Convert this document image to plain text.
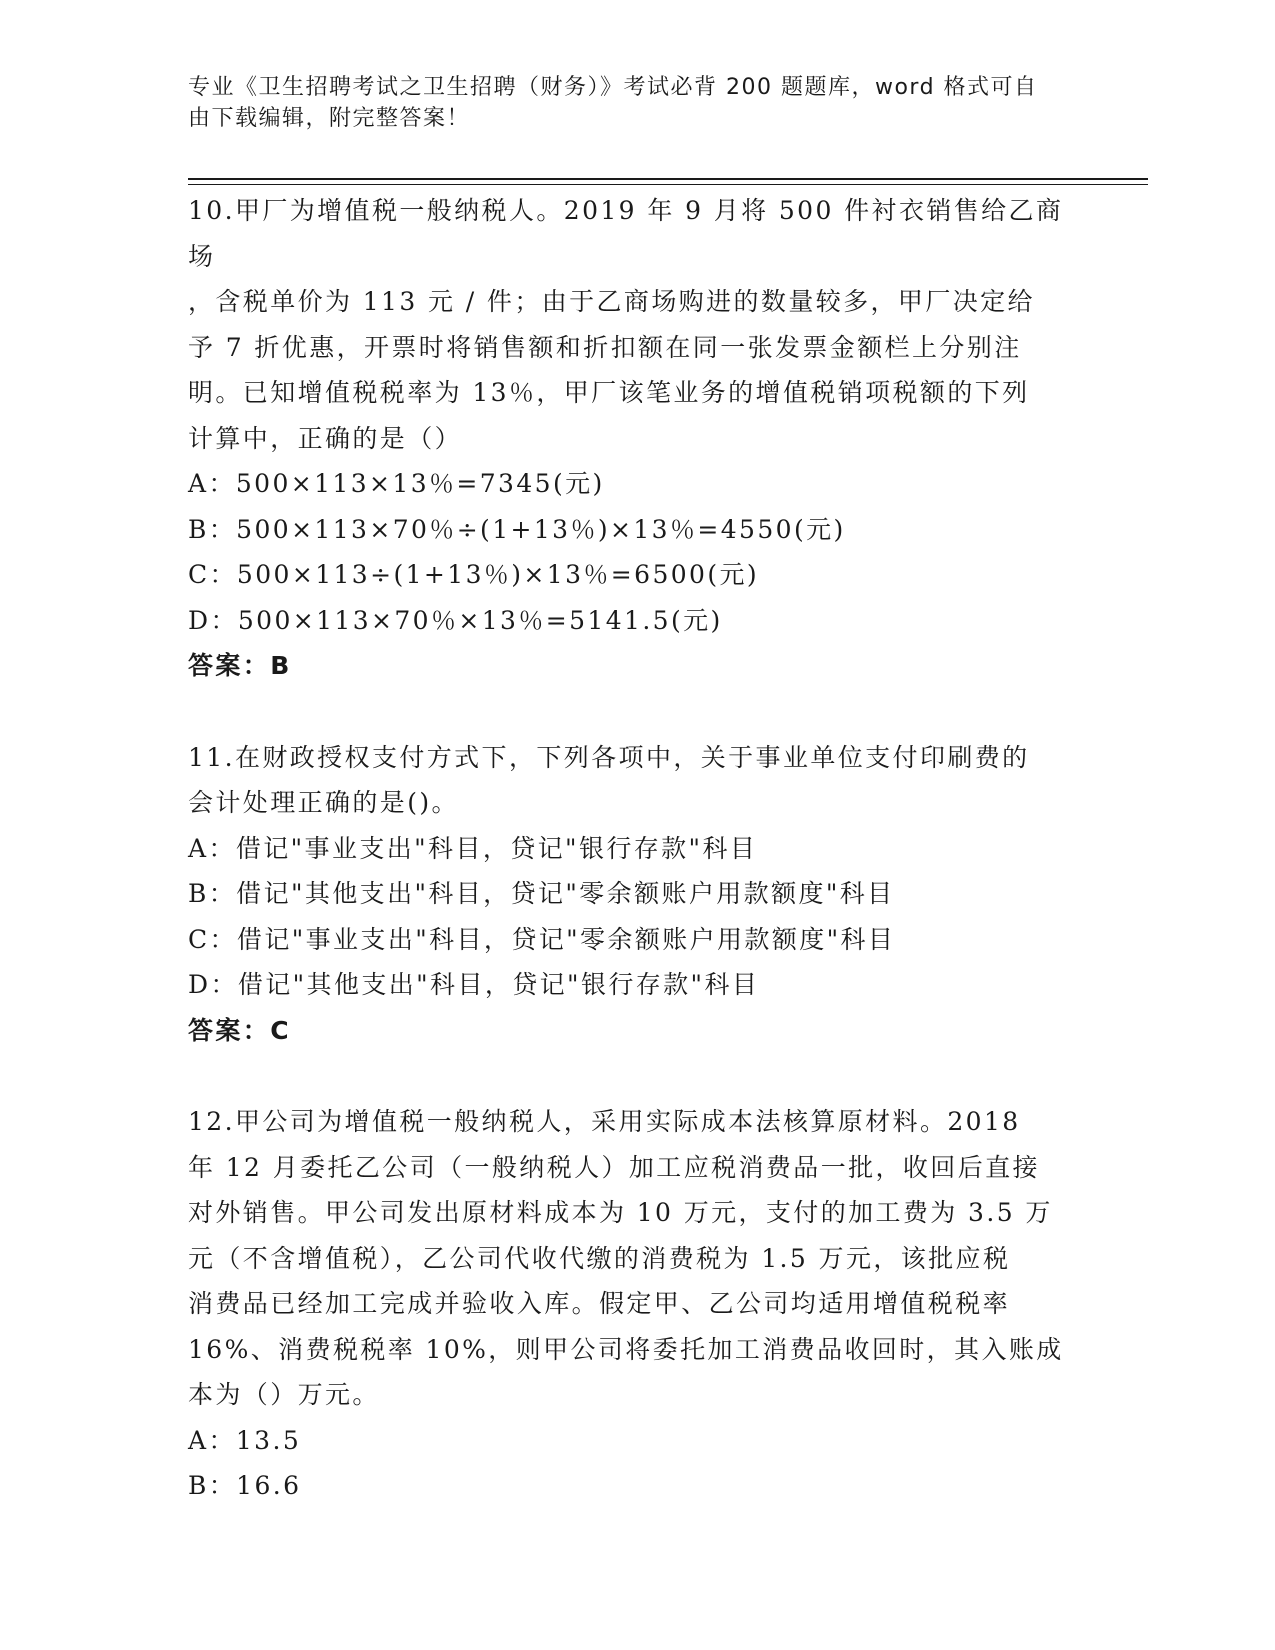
专业《卫生招聘考试之卫生招聘（财务）》考试必背 200 题题库，word 格式可自

由下载编辑，附完整答案！

10.甲厂为增值税一般纳税人。2019 年 9 月将 500 件衬衣销售给乙商场

，含税单价为 113 元 / 件；由于乙商场购进的数量较多，甲厂决定给

予 7 折优惠，开票时将销售额和折扣额在同一张发票金额栏上分别注

明。已知增值税税率为 13％，甲厂该笔业务的增值税销项税额的下列

计算中，正确的是（）

A：500×113×13％=7345(元)

B：500×113×70％÷(1+13％)×13％=4550(元)

C：500×113÷(1+13％)×13％=6500(元)

D：500×113×70％×13％=5141.5(元)

答案：B

11.在财政授权支付方式下，下列各项中，关于事业单位支付印刷费的

会计处理正确的是()。

A：借记"事业支出"科目，贷记"银行存款"科目

B：借记"其他支出"科目，贷记"零余额账户用款额度"科目

C：借记"事业支出"科目，贷记"零余额账户用款额度"科目

D：借记"其他支出"科目，贷记"银行存款"科目

答案：C

12.甲公司为增值税一般纳税人，采用实际成本法核算原材料。2018

年 12 月委托乙公司（一般纳税人）加工应税消费品一批，收回后直接

对外销售。甲公司发出原材料成本为 10 万元，支付的加工费为 3.5 万

元（不含增值税），乙公司代收代缴的消费税为 1.5 万元，该批应税

消费品已经加工完成并验收入库。假定甲、乙公司均适用增值税税率

16%、消费税税率 10%，则甲公司将委托加工消费品收回时，其入账成

本为（）万元。

A：13.5

B：16.6
